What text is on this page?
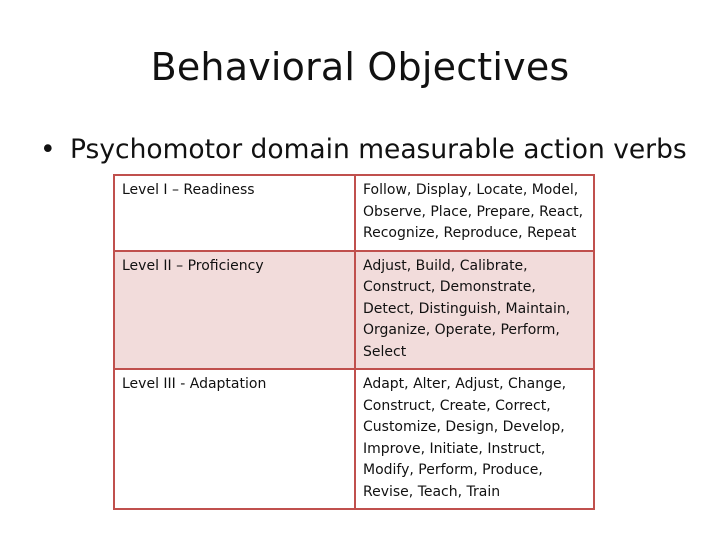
Behavioral Objectives
• Psychomotor domain measurable action verbs
Level I – Readiness	Follow, Display, Locate, Model, Observe, Place, Prepare, React, Recognize, Reproduce, Repeat
Level II – Proficiency	Adjust, Build, Calibrate, Construct, Demonstrate, Detect, Distinguish, Maintain, Organize, Operate, Perform, Select
Level III - Adaptation	Adapt, Alter, Adjust, Change, Construct, Create, Correct, Customize, Design, Develop, Improve, Initiate, Instruct, Modify, Perform, Produce, Revise, Teach, Train
